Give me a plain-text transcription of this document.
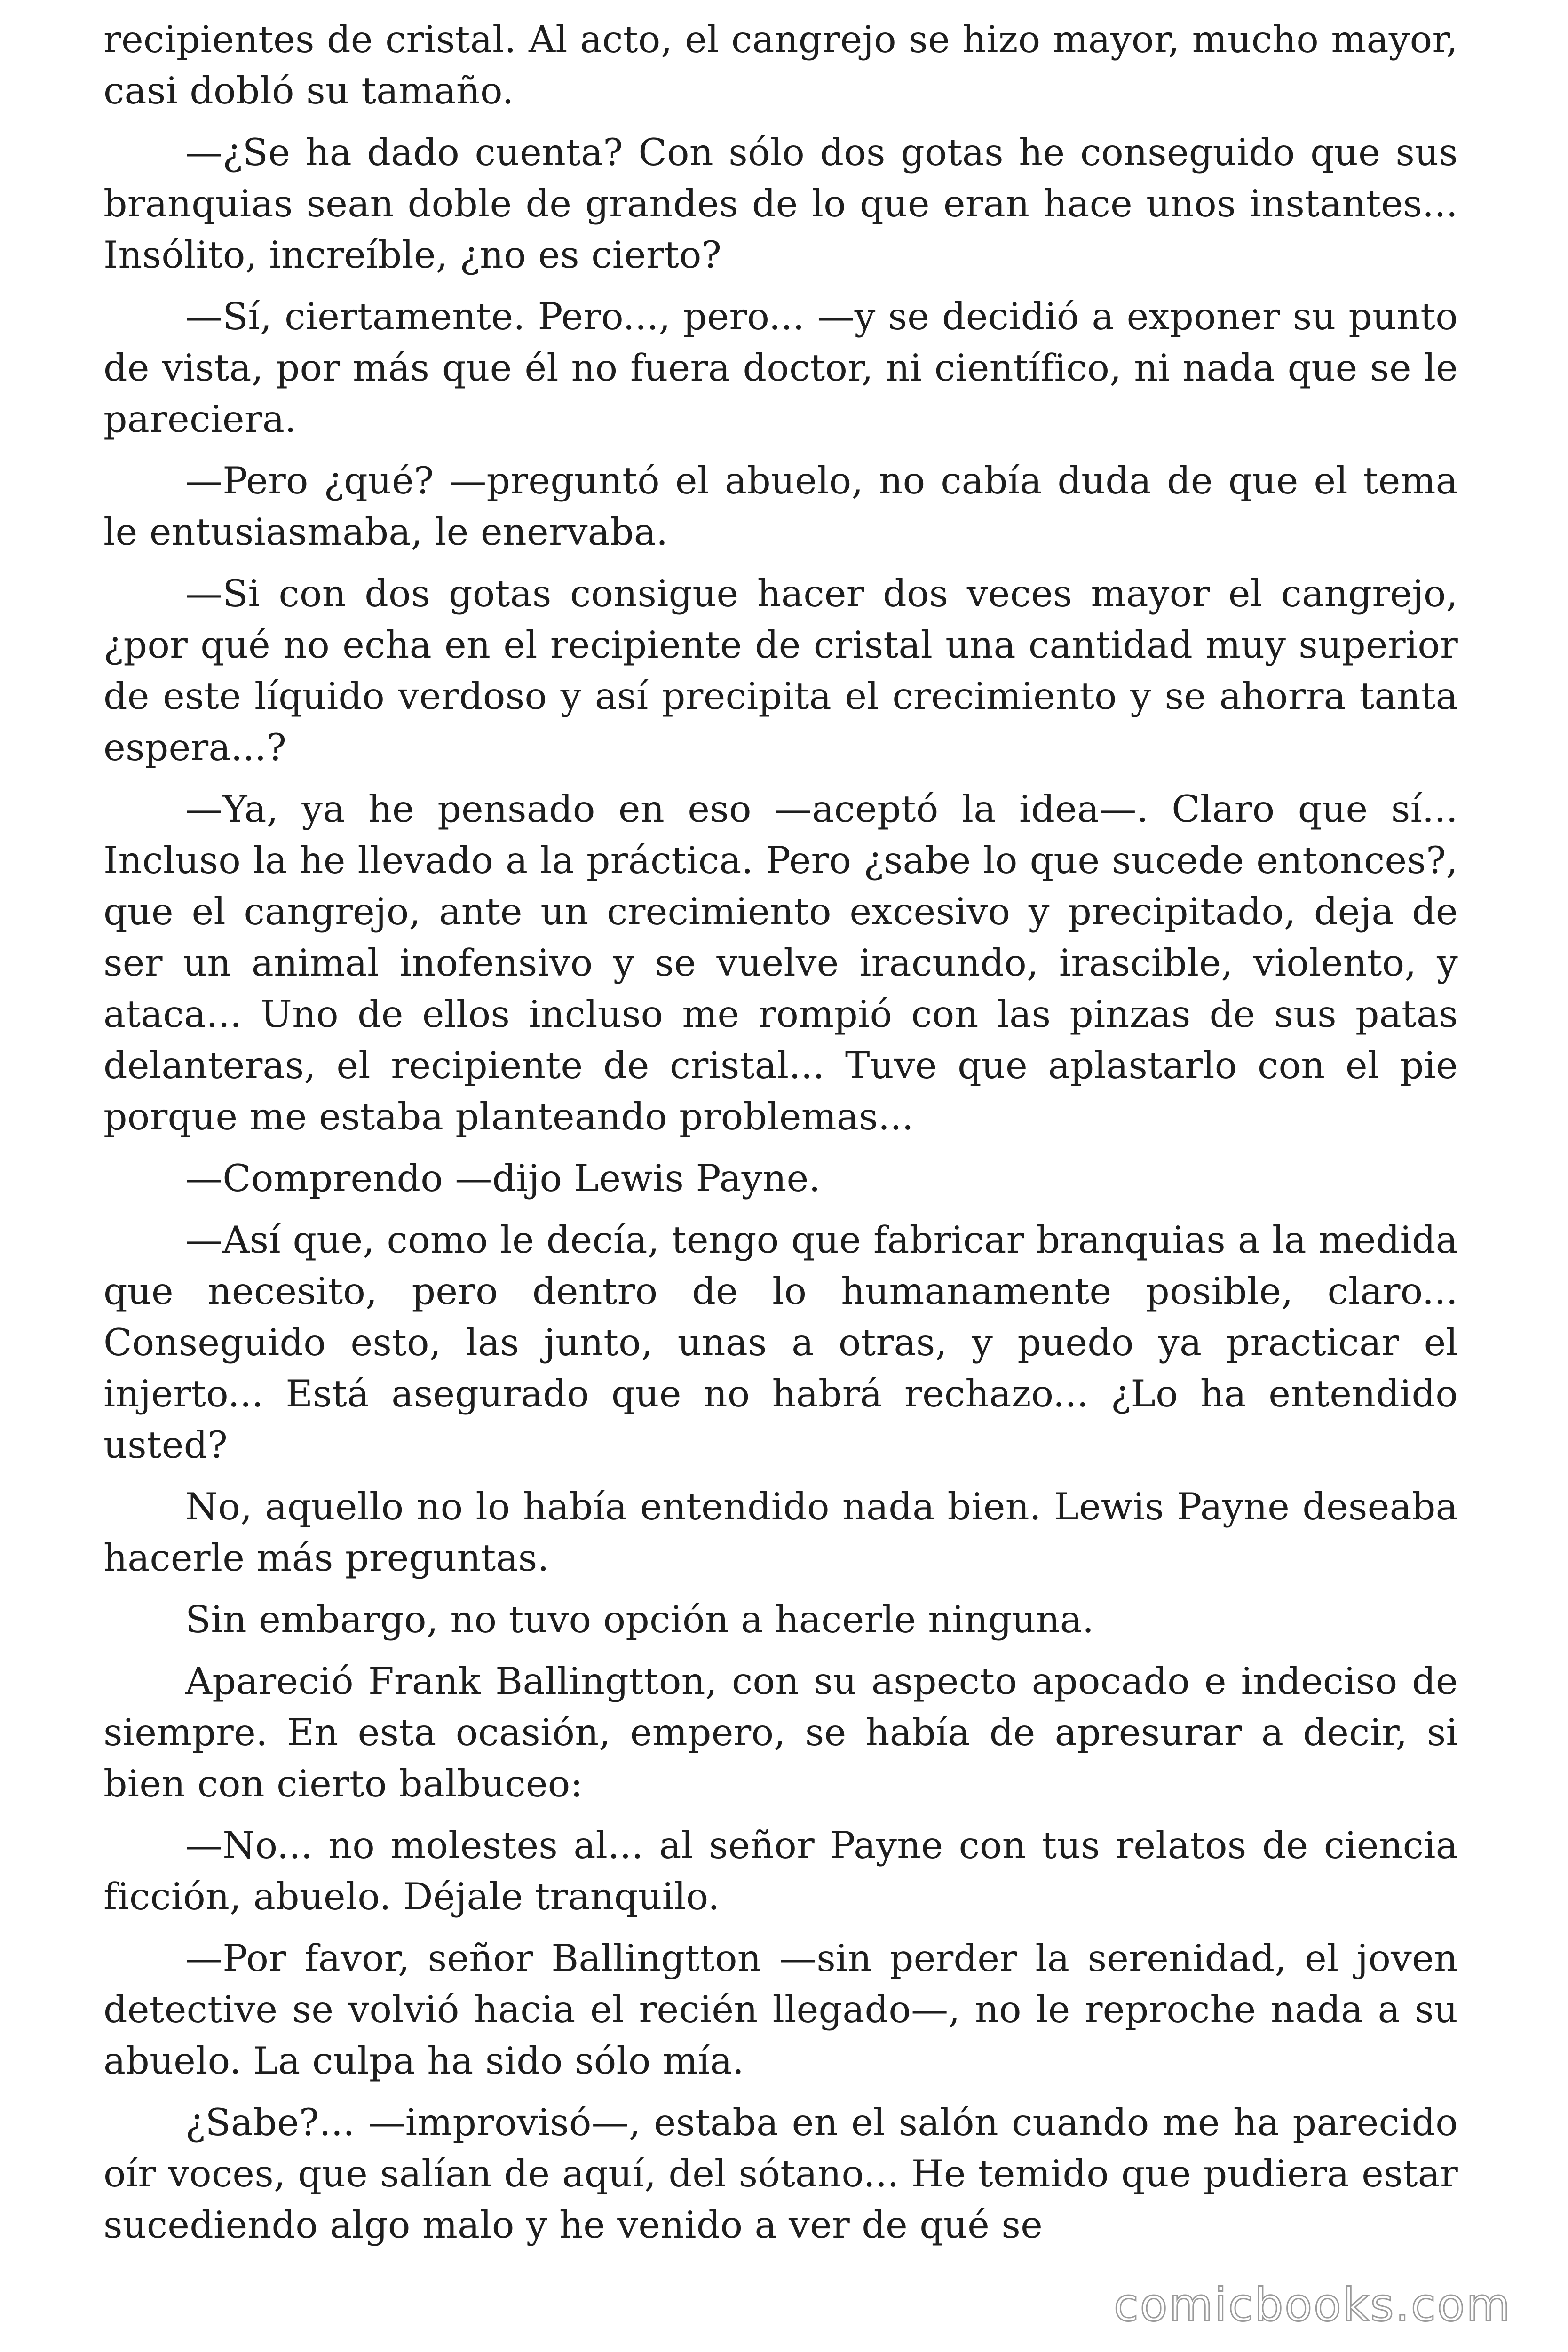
recipientes de cristal. Al acto, el cangrejo se hizo mayor, mucho mayor, casi dobló su tamaño.

—¿Se ha dado cuenta? Con sólo dos gotas he conseguido que sus branquias sean doble de grandes de lo que eran hace unos instantes... Insólito, increíble, ¿no es cierto?

—Sí, ciertamente. Pero..., pero... —y se decidió a exponer su punto de vista, por más que él no fuera doctor, ni científico, ni nada que se le pareciera.

—Pero ¿qué? —preguntó el abuelo, no cabía duda de que el tema le entusiasmaba, le enervaba.

—Si con dos gotas consigue hacer dos veces mayor el cangrejo, ¿por qué no echa en el recipiente de cristal una cantidad muy superior de este líquido verdoso y así precipita el crecimiento y se ahorra tanta espera...?

—Ya, ya he pensado en eso —aceptó la idea—. Claro que sí... Incluso la he llevado a la práctica. Pero ¿sabe lo que sucede entonces?, que el cangrejo, ante un crecimiento excesivo y precipitado, deja de ser un animal inofensivo y se vuelve iracundo, irascible, violento, y ataca... Uno de ellos incluso me rompió con las pinzas de sus patas delanteras, el recipiente de cristal... Tuve que aplastarlo con el pie porque me estaba planteando problemas...

—Comprendo —dijo Lewis Payne.

—Así que, como le decía, tengo que fabricar branquias a la medida que necesito, pero dentro de lo humanamente posible, claro... Conseguido esto, las junto, unas a otras, y puedo ya practicar el injerto... Está asegurado que no habrá rechazo... ¿Lo ha entendido usted?

No, aquello no lo había entendido nada bien. Lewis Payne deseaba hacerle más preguntas.

Sin embargo, no tuvo opción a hacerle ninguna.

Apareció Frank Ballingtton, con su aspecto apocado e indeciso de siempre. En esta ocasión, empero, se había de apresurar a decir, si bien con cierto balbuceo:

—No... no molestes al... al señor Payne con tus relatos de ciencia ficción, abuelo. Déjale tranquilo.

—Por favor, señor Ballingtton —sin perder la serenidad, el joven detective se volvió hacia el recién llegado—, no le reproche nada a su abuelo. La culpa ha sido sólo mía.

¿Sabe?... —improvisó—, estaba en el salón cuando me ha parecido oír voces, que salían de aquí, del sótano... He temido que pudiera estar sucediendo algo malo y he venido a ver de qué se

comicbooks.com
